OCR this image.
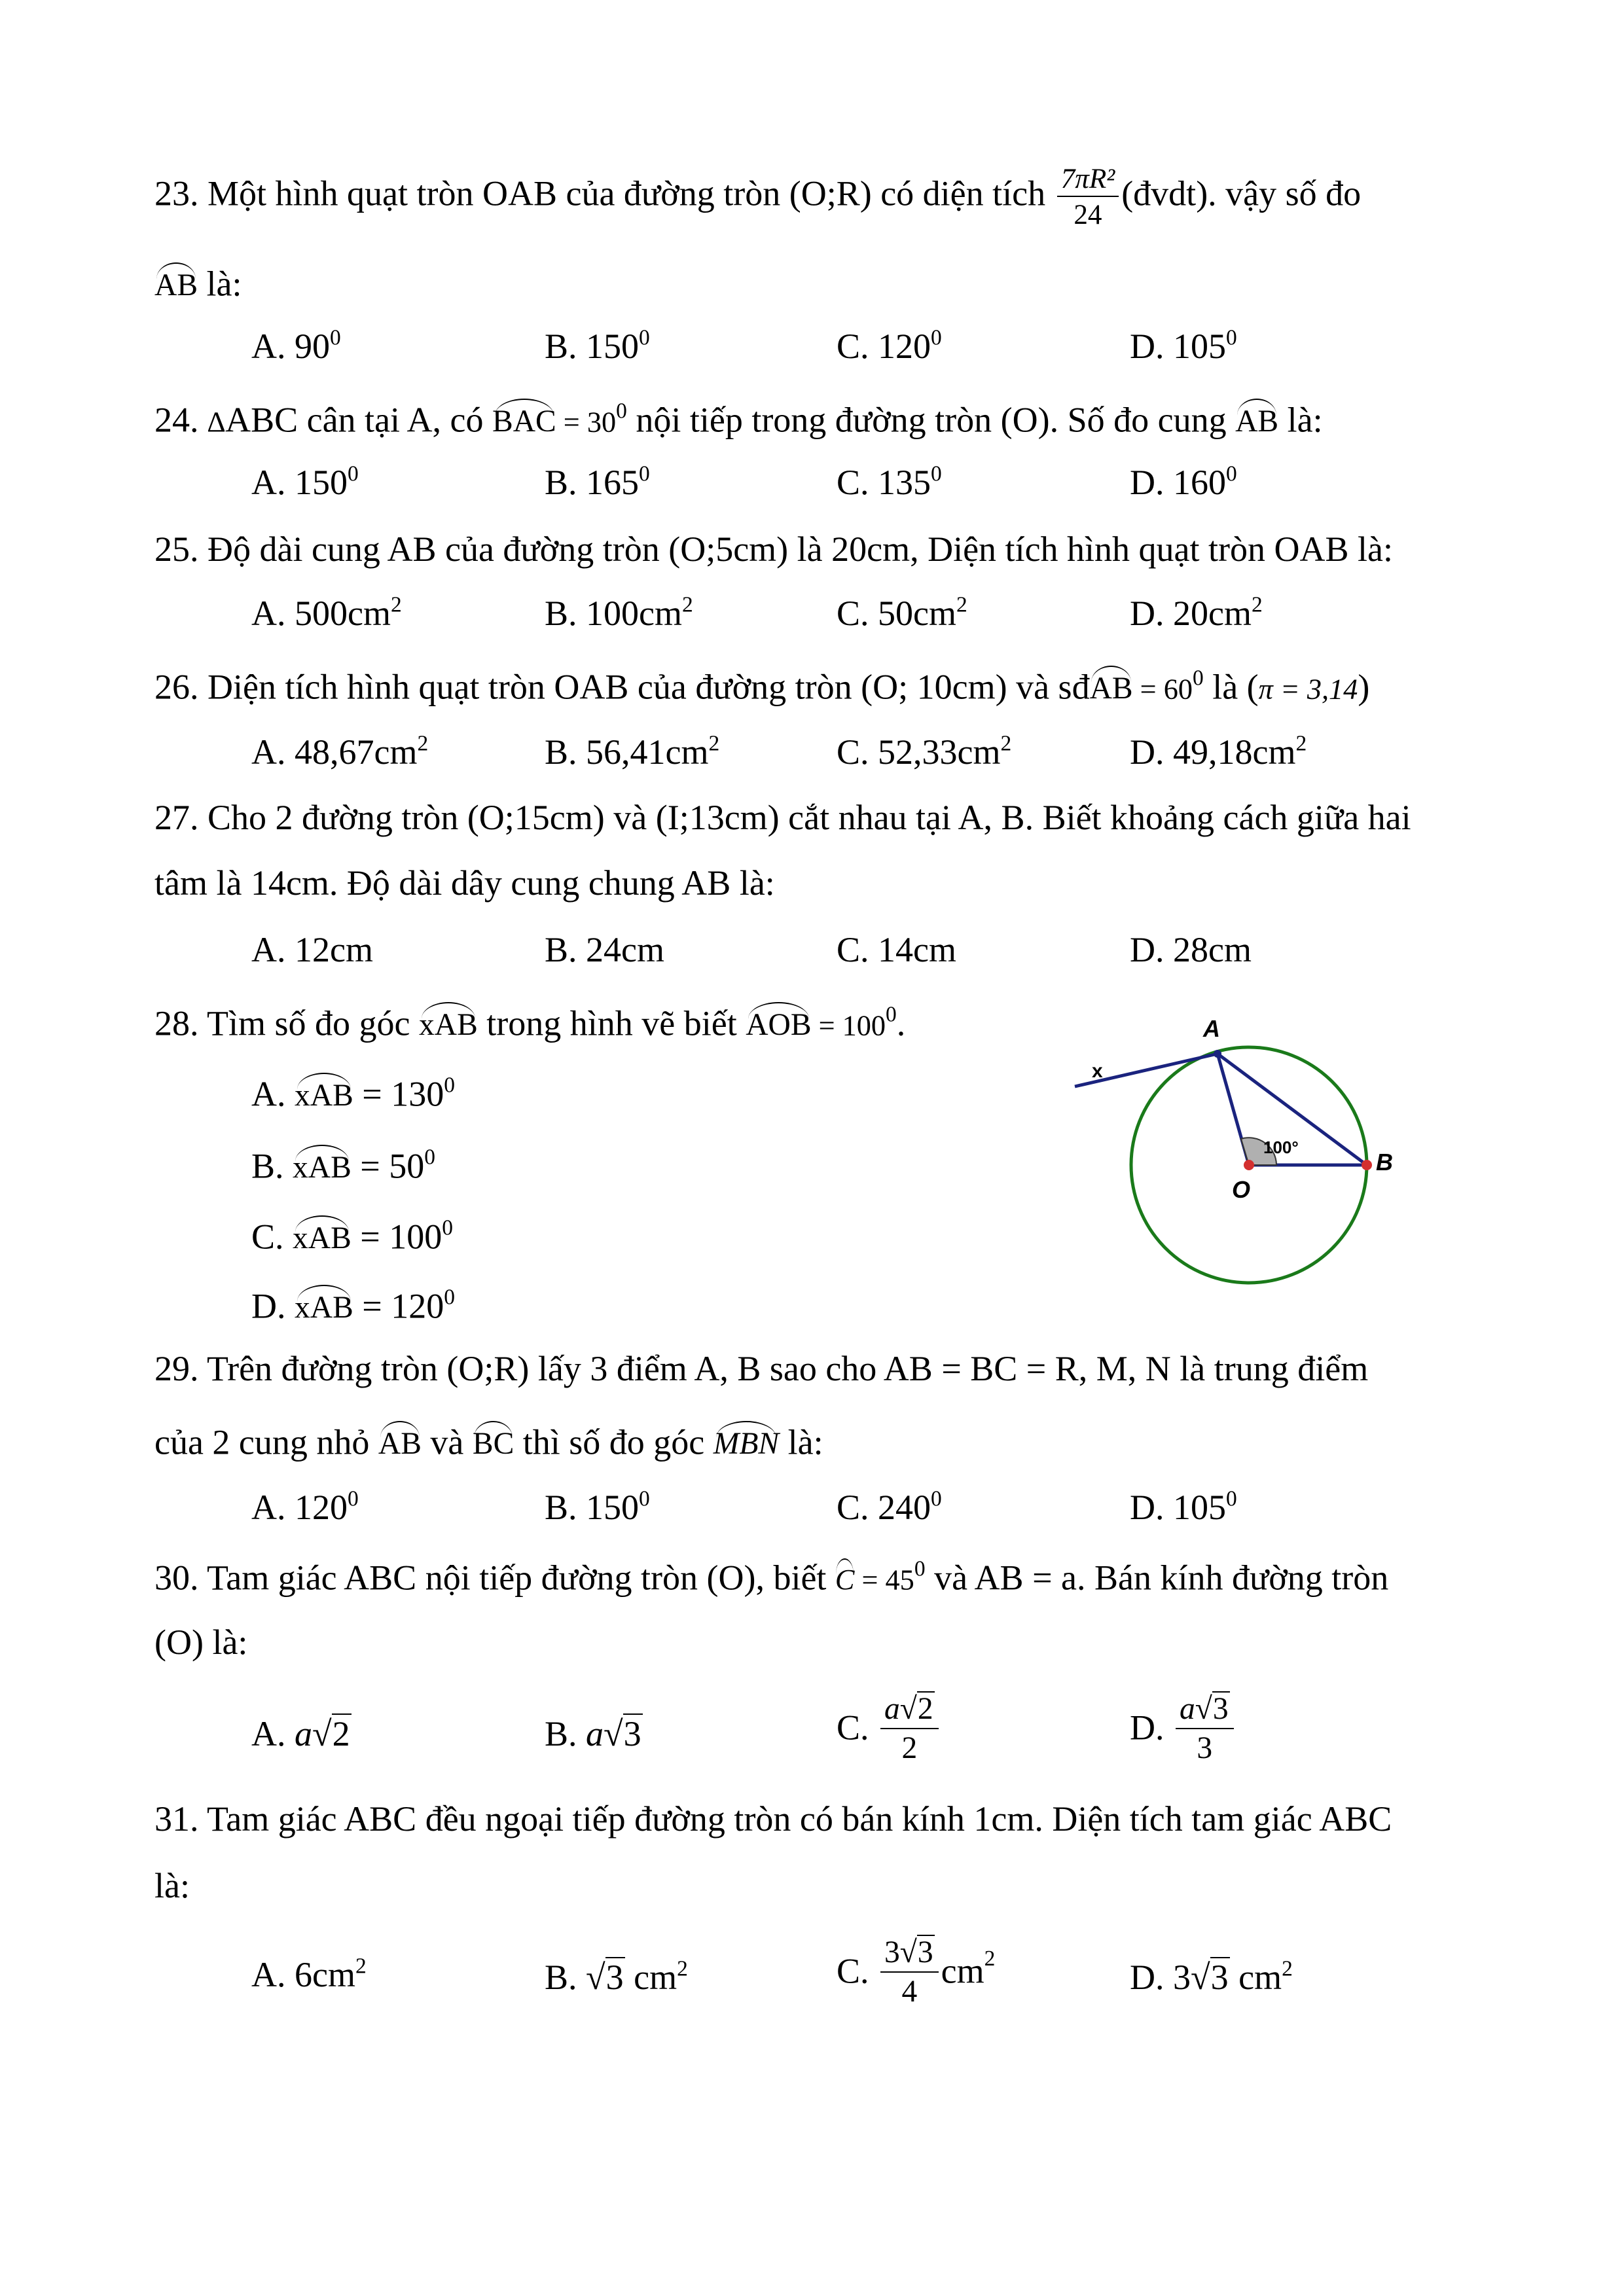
23. Một hình quạt tròn OAB của đường tròn (O;R) có diện tích $\frac{\text{7πR²}}{24}$ (đvdt). vậy số đo
AB là:
A. $90^0$	B. $150^0$	C. $120^0$	D. $105^0$
24. ∆ABC cân tại A, có BAC = $30^0$ nội tiếp trong đường tròn (O). Số đo cung AB là:
A. $150^0$	B. $165^0$	C. $135^0$	D. $160^0$
25. Độ dài cung AB của đường tròn (O;5cm) là 20cm, Diện tích hình quạt tròn OAB là:
A. $500cm^2$	B. $100cm^2$	C. $50cm^2$	D. $20cm^2$
26. Diện tích hình quạt tròn OAB của đường tròn (O; 10cm) và sđAB = $60^0$ là (π = 3,14)
A. $48,67cm^2$	B. $56,41cm^2$	C. $52,33cm^2$	D. $49,18cm^2$
27. Cho 2 đường tròn (O;15cm) và (I;13cm) cắt nhau tại A, B. Biết khoảng cách giữa hai
tâm là 14cm. Độ dài dây cung chung AB là:
A. 12cm	B. 24cm	C. 14cm	D. 28cm
28. Tìm số đo góc xAB trong hình vẽ biết AOB = $100^0$.
A. xAB = $130^0$
B. xAB = $50^0$
C. xAB = $100^0$
D. xAB = $120^0$
A
B
O
x
100°
29. Trên đường tròn (O;R) lấy 3 điểm A, B sao cho AB = BC = R, M, N là trung điểm
của 2 cung nhỏ AB và BC thì số đo góc MBN là:
A. $120^0$	B. $150^0$	C. $240^0$	D. $105^0$
30. Tam giác ABC nội tiếp đường tròn (O), biết $C = 45^0$ và AB = a. Bán kính đường tròn
(O) là:
A. a√2	B. a√3	C. $\frac{a√2}{2}$	D. $\frac{a√3}{3}$
31. Tam giác ABC đều ngoại tiếp đường tròn có bán kính 1cm. Diện tích tam giác ABC
là:
A. $6cm^2$	B. √3 $cm^2$	C. $\frac{3√3}{4} cm^2$	D. 3√3 $cm^2$
